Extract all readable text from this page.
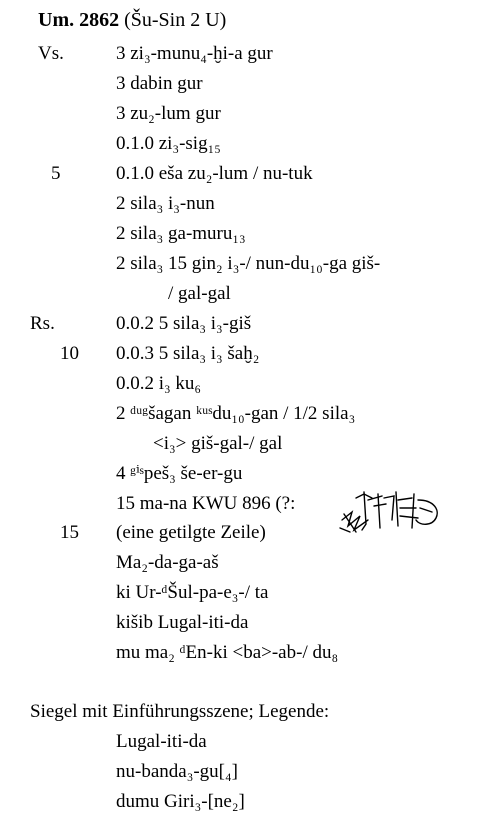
Um. 2862 (Šu-Sin 2 U)
Vs.
5
Rs.
10
15
3 zi₃-munu₄-ḫi-a gur
3 dabin gur
3 zu₂-lum gur
0.1.0 zi₃-sig₁₅
0.1.0 eša zu₂-lum / nu-tuk
2 sila₃ i₃-nun
2 sila₃ ga-muru₁₃
2 sila₃ 15 gin₂ i₃-/ nun-du₁₀-ga giš-
/ gal-gal
0.0.2 5 sila₃ i₃-giš
0.0.3 5 sila₃ i₃ šaḫ₂
0.0.2 i₃ ku₆
2 ᵈᵘᵍšagan ᵏᵘˢdu₁₀-gan / 1/2 sila₃
<i₃> giš-gal-/ gal
4 ᵍⁱˢpeš₃ še-er-gu
15 ma-na KWU 896 (?:
(eine getilgte Zeile)
Ma₂-da-ga-aš
ki Ur-ᵈŠul-pa-e₃-/ ta
kišib Lugal-iti-da
mu ma₂ ᵈEn-ki <ba>-ab-/ du₈
Siegel mit Einführungsszene; Legende:
Lugal-iti-da
nu-banda₃-gu[₄]
dumu Giri₃-[ne₂]
